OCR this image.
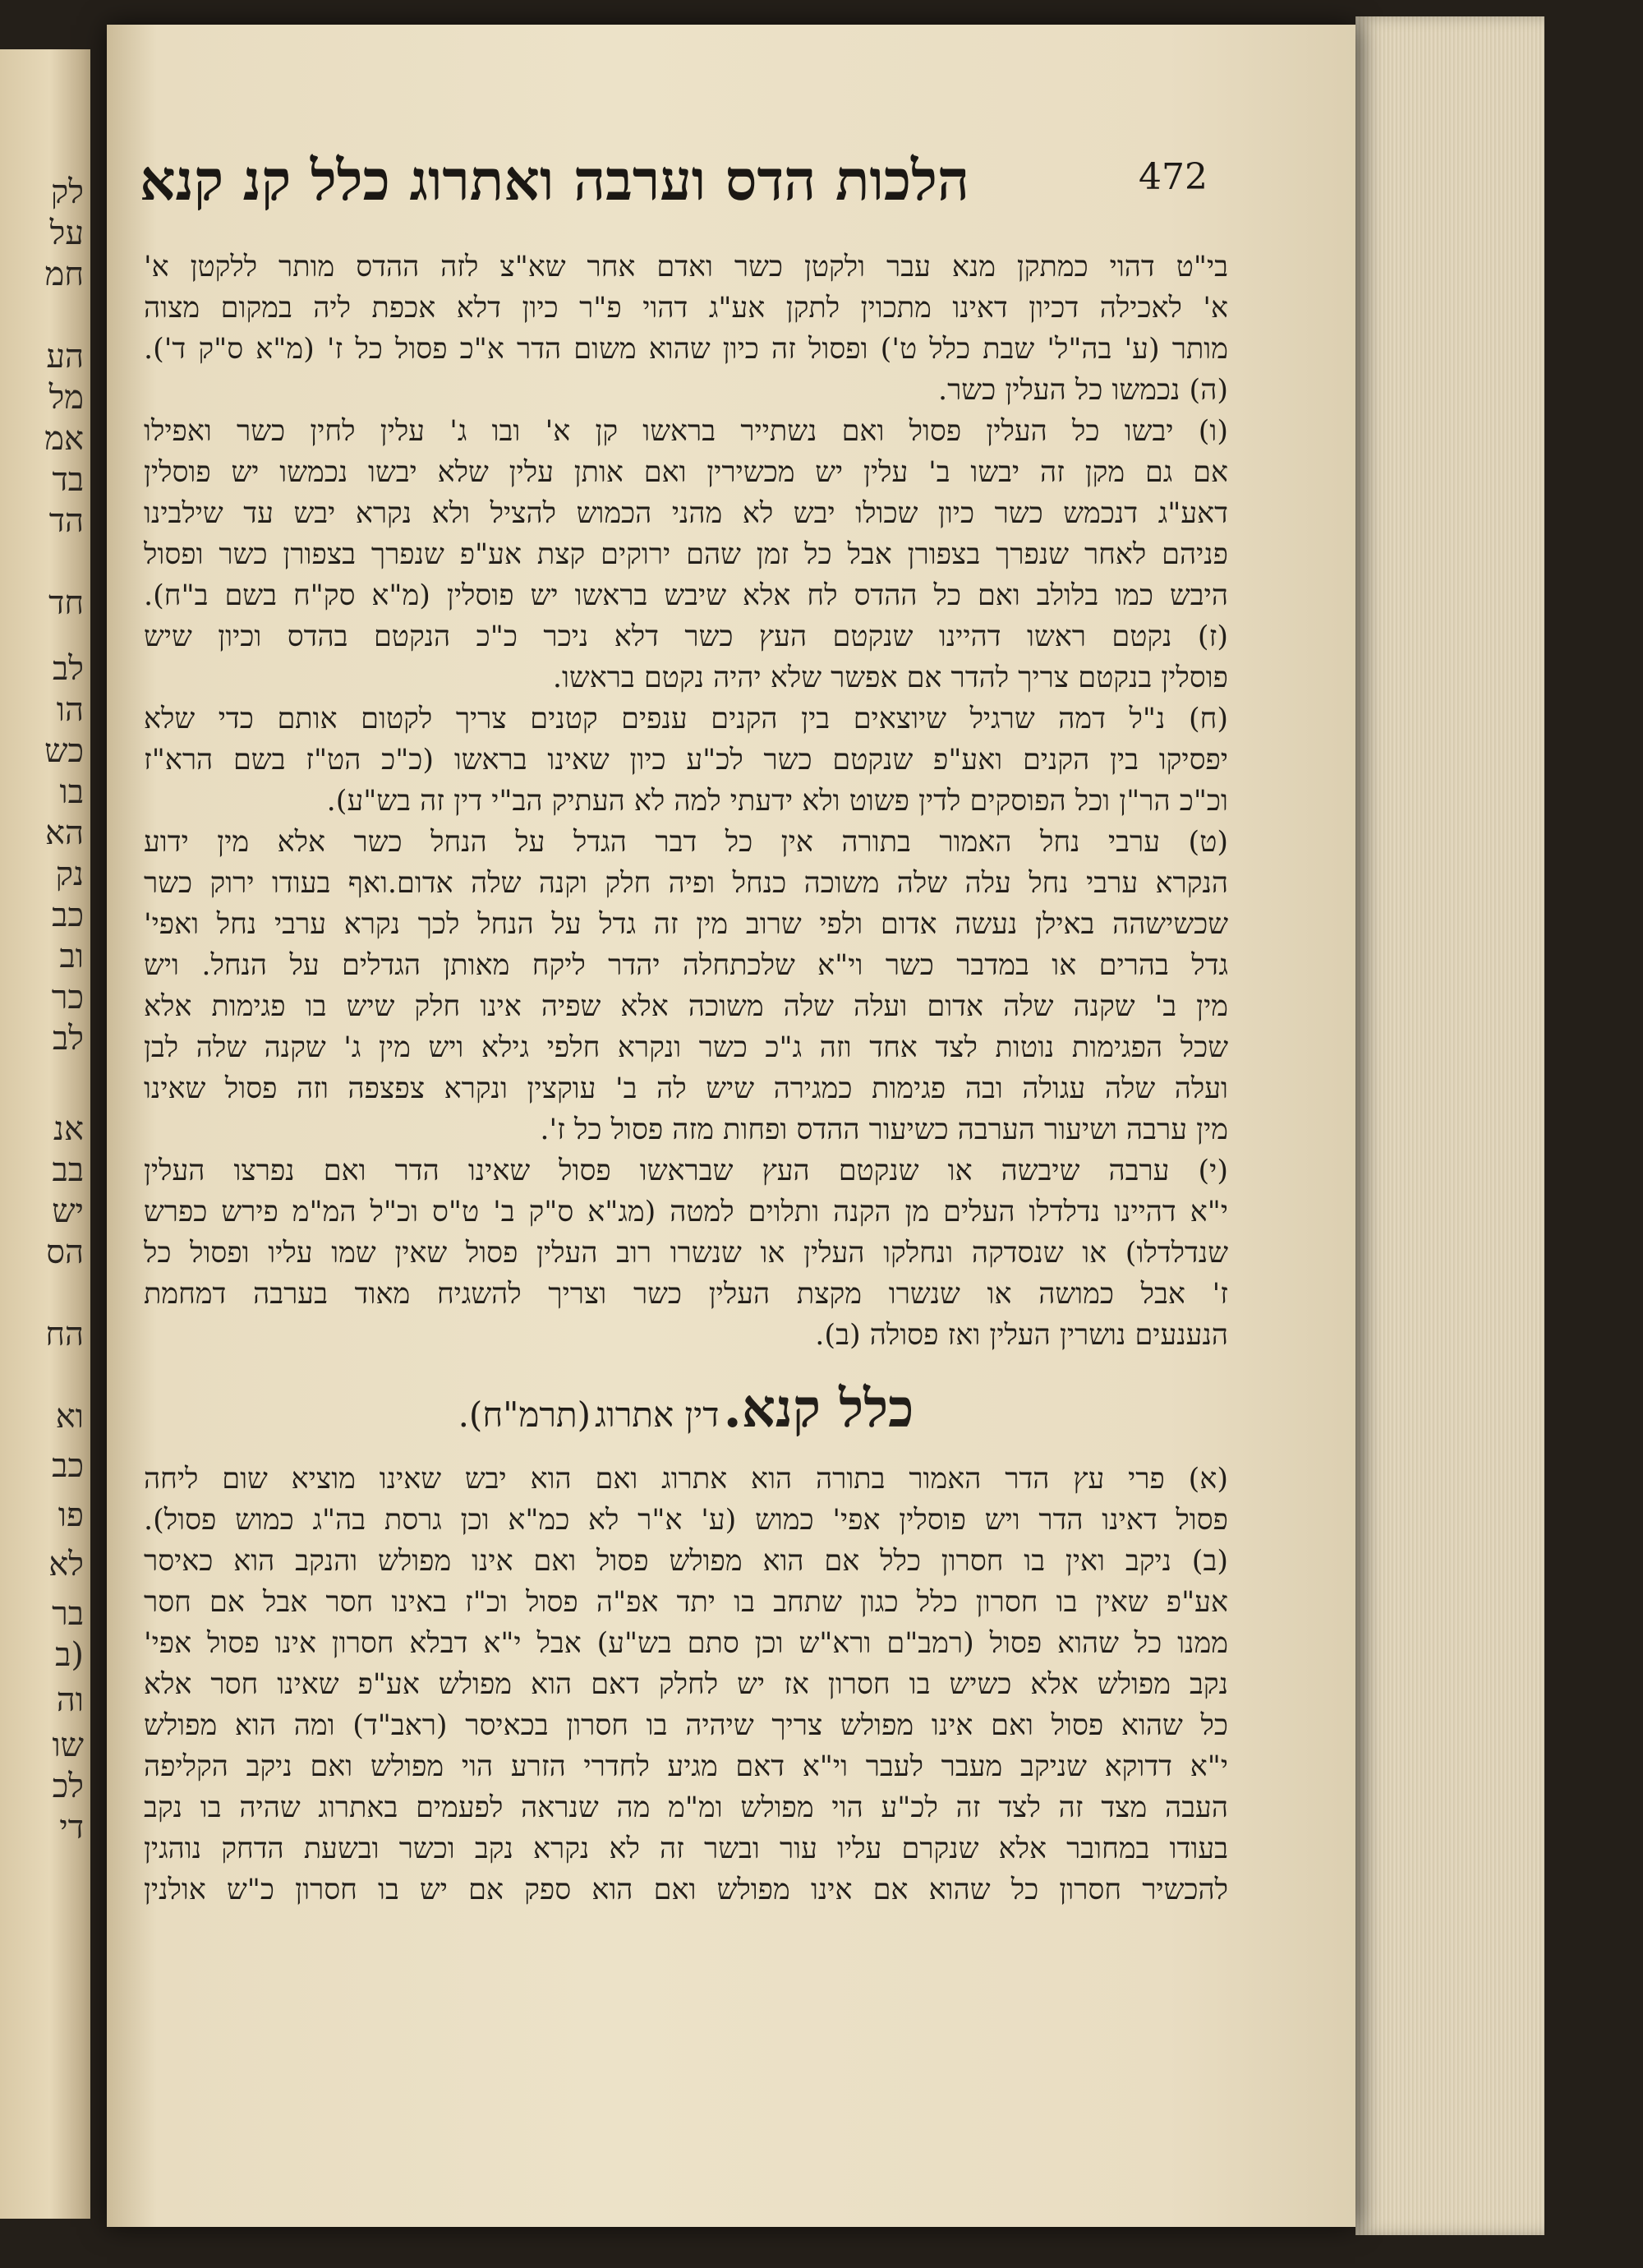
לק
על
חמ
הע
מל
אמ
בד
הד
חד
לב
הו
כש
בו
הא
נק
כב
וב
כר
לב
אנ
בב
יש
הס
הח
וא
כב
פו
לא
בר
(ב
וה
שו
לכ
די
472
הלכות הדס וערבה ואתרוג כלל קנ קנא
בי"ט דהוי כמתקן מנא עבר ולקטן כשר ואדם אחר שא"צ לזה ההדס מותר ללקטן א'
א' לאכילה דכיון דאינו מתכוין לתקן אע"ג דהוי פ"ר כיון דלא אכפת ליה במקום מצוה
מותר (ע' בה"ל' שבת כלל ט') ופסול זה כיון שהוא משום הדר א"כ פסול כל ז' (מ"א ס"ק ד').
(ה) נכמשו כל העלין כשר.
(ו) יבשו כל העלין פסול ואם נשתייר בראשו קן א' ובו ג' עלין לחין כשר ואפילו
אם גם מקן זה יבשו ב' עלין יש מכשירין ואם אותן עלין שלא יבשו נכמשו יש פוסלין
דאע"ג דנכמש כשר כיון שכולו יבש לא מהני הכמוש להציל ולא נקרא יבש עד שילבינו
פניהם לאחר שנפרך בצפורן אבל כל זמן שהם ירוקים קצת אע"פ שנפרך בצפורן כשר ופסול
היבש כמו בלולב ואם כל ההדס לח אלא שיבש בראשו יש פוסלין (מ"א סק"ח בשם ב"ח).
(ז) נקטם ראשו דהיינו שנקטם העץ כשר דלא ניכר כ"כ הנקטם בהדס וכיון שיש
פוסלין בנקטם צריך להדר אם אפשר שלא יהיה נקטם בראשו.
(ח) נ"ל דמה שרגיל שיוצאים בין הקנים ענפים קטנים צריך לקטום אותם כדי שלא
יפסיקו בין הקנים ואע"פ שנקטם כשר לכ"ע כיון שאינו בראשו (כ"כ הט"ז בשם הרא"ז
וכ"כ הר"ן וכל הפוסקים לדין פשוט ולא ידעתי למה לא העתיק הב"י דין זה בש"ע).
(ט) ערבי נחל האמור בתורה אין כל דבר הגדל על הנחל כשר אלא מין ידוע
הנקרא ערבי נחל עלה שלה משוכה כנחל ופיה חלק וקנה שלה אדום.ואף בעודו ירוק כשר
שכשישהה באילן נעשה אדום ולפי שרוב מין זה גדל על הנחל לכך נקרא ערבי נחל ואפי'
גדל בהרים או במדבר כשר וי"א שלכתחלה יהדר ליקח מאותן הגדלים על הנחל. ויש
מין ב' שקנה שלה אדום ועלה שלה משוכה אלא שפיה אינו חלק שיש בו פגימות אלא
שכל הפגימות נוטות לצד אחד וזה ג"כ כשר ונקרא חלפי גילא ויש מין ג' שקנה שלה לבן
ועלה שלה עגולה ובה פגימות כמגירה שיש לה ב' עוקצין ונקרא צפצפה וזה פסול שאינו
מין ערבה ושיעור הערבה כשיעור ההדס ופחות מזה פסול כל ז'.
(י) ערבה שיבשה או שנקטם העץ שבראשו פסול שאינו הדר ואם נפרצו העלין
י"א דהיינו נדלדלו העלים מן הקנה ותלוים למטה (מג"א ס"ק ב' ט"ס וכ"ל המ"מ פירש כפרש
שנדלדלו) או שנסדקה ונחלקו העלין או שנשרו רוב העלין פסול שאין שמו עליו ופסול כל
ז' אבל כמושה או שנשרו מקצת העלין כשר וצריך להשגיח מאוד בערבה דמחמת
הנענעים נושרין העלין ואז פסולה (ב).
כלל קנא. דין אתרוג (תרמ"ח).
(א) פרי עץ הדר האמור בתורה הוא אתרוג ואם הוא יבש שאינו מוציא שום ליחה
פסול דאינו הדר ויש פוסלין אפי' כמוש (ע' א"ר לא כמ"א וכן גרסת בה"ג כמוש פסול).
(ב) ניקב ואין בו חסרון כלל אם הוא מפולש פסול ואם אינו מפולש והנקב הוא כאיסר
אע"פ שאין בו חסרון כלל כגון שתחב בו יתד אפ"ה פסול וכ"ז באינו חסר אבל אם חסר
ממנו כל שהוא פסול (רמב"ם ורא"ש וכן סתם בש"ע) אבל י"א דבלא חסרון אינו פסול אפי'
נקב מפולש אלא כשיש בו חסרון אז יש לחלק דאם הוא מפולש אע"פ שאינו חסר אלא
כל שהוא פסול ואם אינו מפולש צריך שיהיה בו חסרון בכאיסר (ראב"ד) ומה הוא מפולש
י"א דדוקא שניקב מעבר לעבר וי"א דאם מגיע לחדרי הזרע הוי מפולש ואם ניקב הקליפה
העבה מצד זה לצד זה לכ"ע הוי מפולש ומ"מ מה שנראה לפעמים באתרוג שהיה בו נקב
בעודו במחובר אלא שנקרם עליו עור ובשר זה לא נקרא נקב וכשר ובשעת הדחק נוהגין
להכשיר חסרון כל שהוא אם אינו מפולש ואם הוא ספק אם יש בו חסרון כ"ש אולנין
